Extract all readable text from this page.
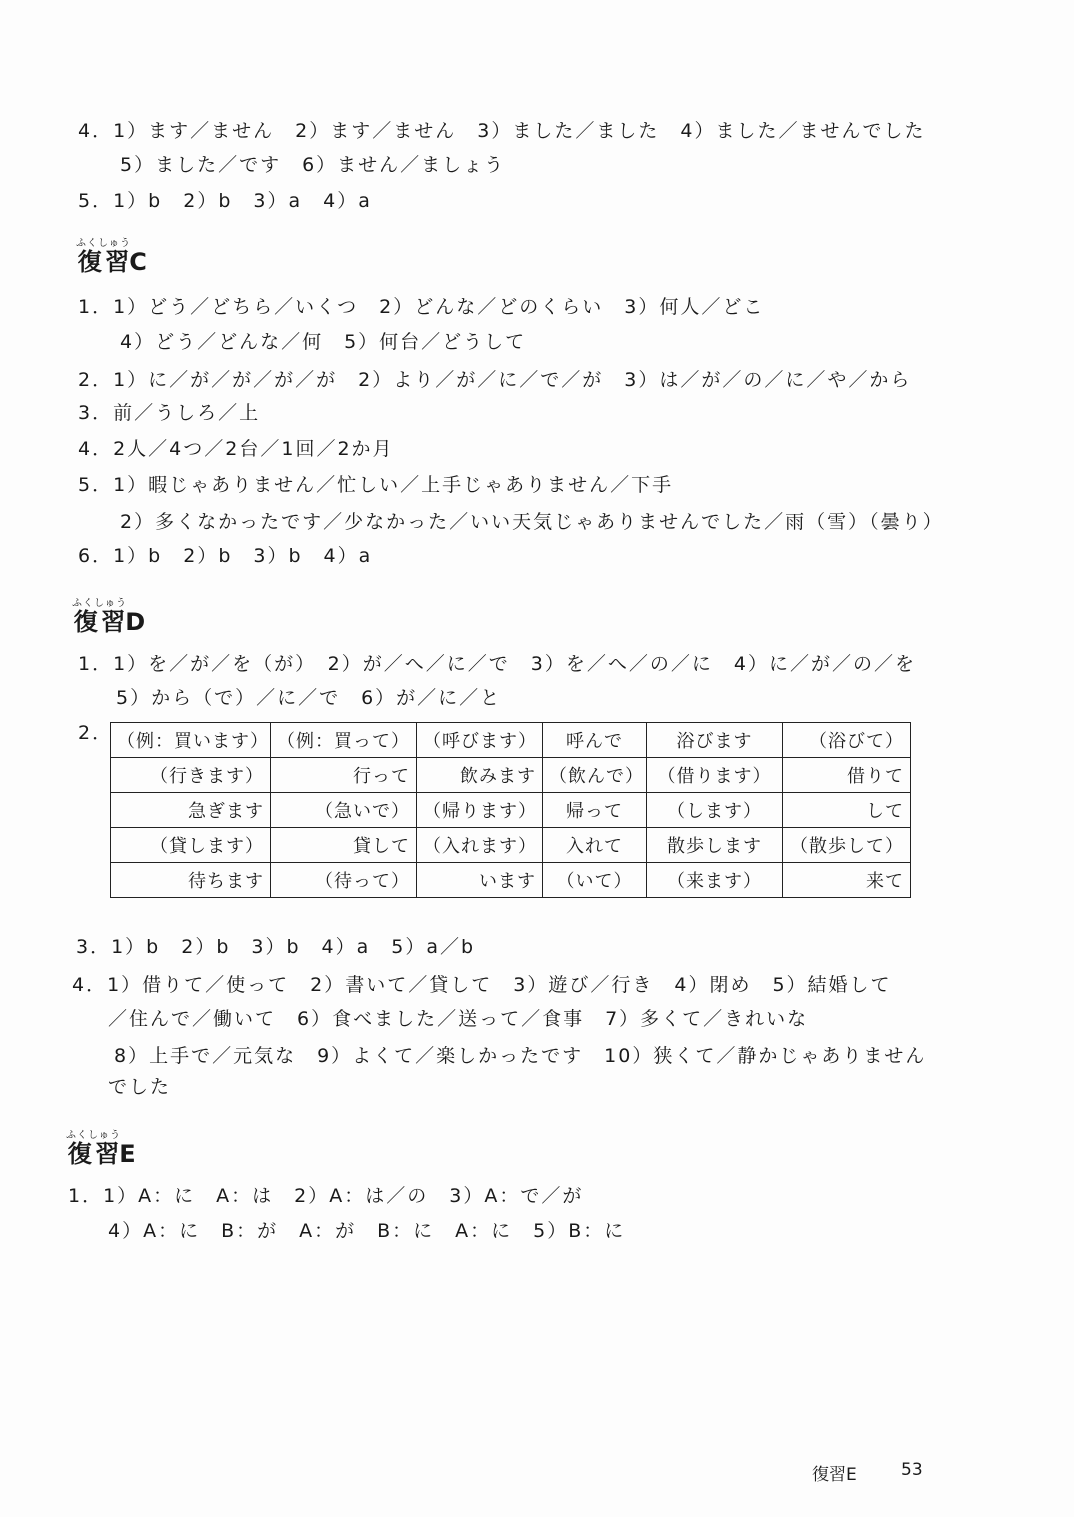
4．1）ます／ません　2）ます／ません　3）ました／ました　4）ました／ませんでした
5）ました／です　6）ません／ましょう
5．1）b　2）b　3）a　4）a
復習ふくしゅうC
1．1）どう／どちら／いくつ　2）どんな／どのくらい　3）何人／どこ
4）どう／どんな／何　5）何台／どうして
2．1）に／が／が／が／が　2）より／が／に／で／が　3）は／が／の／に／や／から
3．前／うしろ／上
4．2人／4つ／2台／1回／2か月
5．1）暇じゃありません／忙しい／上手じゃありません／下手
2）多くなかったです／少なかった／いい天気じゃありませんでした／雨（雪）（曇り）
6．1）b　2）b　3）b　4）a
復習ふくしゅうD
1．1）を／が／を（が）　2）が／へ／に／で　3）を／へ／の／に　4）に／が／の／を
5）から（で）／に／で　6）が／に／と
2． （例：買います）	（例：買って）	（呼びます）	呼んで	浴びます	（浴びて）
（行きます）	行って	飲みます	（飲んで）	（借ります）	借りて
急ぎます	（急いで）	（帰ります）	帰って	（します）	して
（貸します）	貸して	（入れます）	入れて	散歩します	（散歩して）
待ちます	（待って）	います	（いて）	（来ます）	来て
3．1）b　2）b　3）b　4）a　5）a／b
4．1）借りて／使って　2）書いて／貸して　3）遊び／行き　4）閉め　5）結婚して
／住んで／働いて　6）食べました／送って／食事　7）多くて／きれいな
8）上手で／元気な　9）よくて／楽しかったです　10）狭くて／静かじゃありません
でした
復習ふくしゅうE
1．1）A：に　A：は　2）A：は／の　3）A：で／が
4）A：に　B：が　A：が　B：に　A：に　5）B：に
復習E	53
